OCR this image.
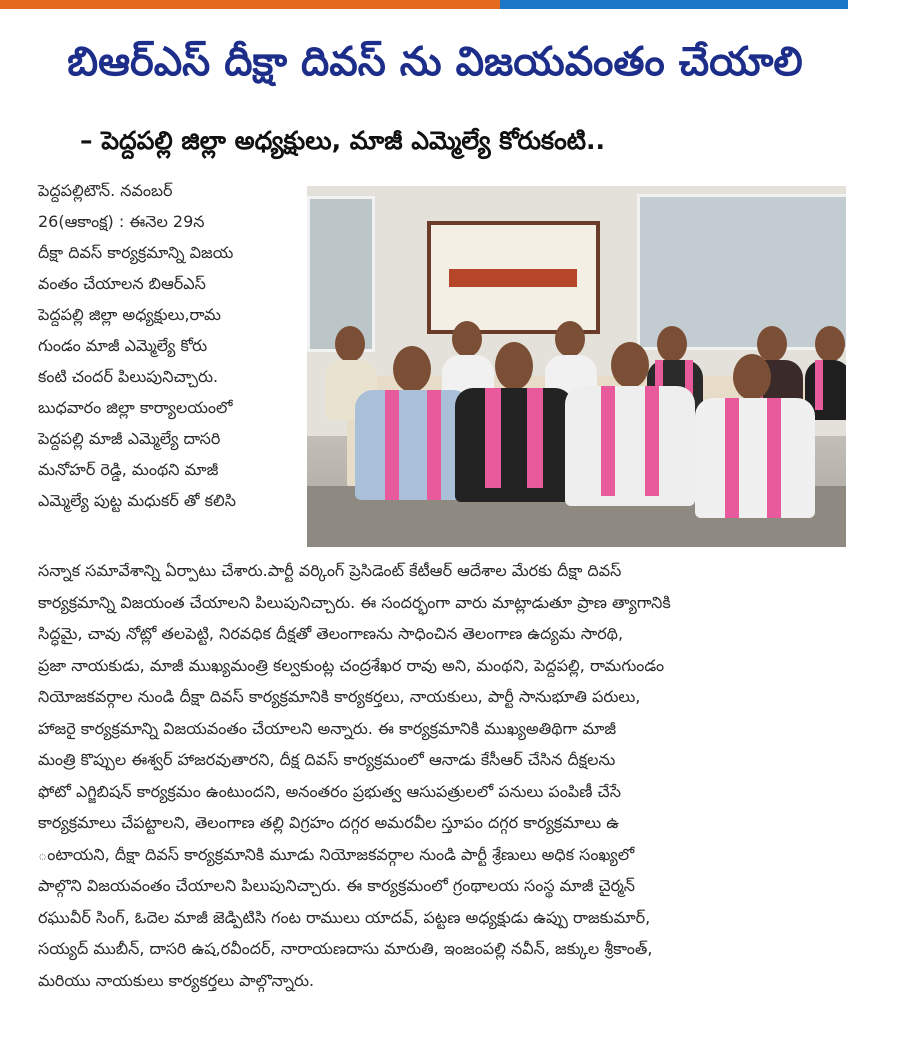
బిఆర్ఎస్ దీక్షా దివస్ ను విజయవంతం చేయాలి
– పెద్దపల్లి జిల్లా అధ్యక్షులు, మాజీ ఎమ్మెల్యే కోరుకంటి..

పెద్దపల్లిటౌన్. నవంబర్

26(ఆకాంక్ష) : ఈనెల 29న

దీక్షా దివస్ కార్యక్రమాన్ని విజయ

వంతం చేయాలన బిఆర్ఎస్

పెద్దపల్లి జిల్లా అధ్యక్షులు,రామ

గుండం మాజీ ఎమ్మెల్యే కోరు

కంటి చందర్ పిలుపునిచ్చారు.

బుధవారం జిల్లా కార్యాలయంలో

పెద్దపల్లి మాజీ ఎమ్మెల్యే దాసరి

మనోహర్ రెడ్డి, మంథని మాజీ

ఎమ్మెల్యే పుట్ట మధుకర్ తో కలిసి

సన్నాక సమావేశాన్ని ఏర్పాటు చేశారు.పార్టీ వర్కింగ్ ప్రెసిడెంట్ కేటీఆర్ ఆదేశాల మేరకు దీక్షా దివస్

కార్యక్రమాన్ని విజయంత చేయాలని పిలుపునిచ్చారు. ఈ సందర్భంగా వారు మాట్లాడుతూ ప్రాణ త్యాగానికి

సిద్ధమై, చావు నోట్లో తలపెట్టి, నిరవధిక దీక్షతో తెలంగాణను సాధించిన తెలంగాణ ఉద్యమ సారథి,

ప్రజా నాయకుడు, మాజీ ముఖ్యమంత్రి కల్వకుంట్ల చంద్రశేఖర రావు అని, మంథని, పెద్దపల్లి, రామగుండం

నియోజకవర్గాల నుండి దీక్షా దివస్ కార్యక్రమానికి కార్యకర్తలు, నాయకులు, పార్టీ సానుభూతి పరులు,

హాజరై కార్యక్రమాన్ని విజయవంతం చేయాలని అన్నారు. ఈ కార్యక్రమానికి ముఖ్యఅతిథిగా మాజీ

మంత్రి కొప్పుల ఈశ్వర్ హాజరవుతారని, దీక్ష దివస్ కార్యక్రమంలో ఆనాడు కేసీఆర్ చేసిన దీక్షలను

ఫోటో ఎగ్జిబిషన్ కార్యక్రమం ఉంటుందని, అనంతరం ప్రభుత్వ ఆసుపత్రులలో పనులు పంపిణీ చేసే

కార్యక్రమాలు చేపట్టాలని, తెలంగాణ తల్లి విగ్రహం దగ్గర అమరవీల స్తూపం దగ్గర కార్యక్రమాలు ఉ

ంటాయని, దీక్షా దివస్ కార్యక్రమానికి మూడు నియోజకవర్గాల నుండి పార్టీ శ్రేణులు అధిక సంఖ్యలో

పాల్గొని విజయవంతం చేయాలని పిలుపునిచ్చారు. ఈ కార్యక్రమంలో గ్రంథాలయ సంస్థ మాజీ చైర్మన్

రఘువీర్ సింగ్, ఓదెల మాజీ జెడ్పిటిసి గంట రాములు యాదవ్, పట్టణ అధ్యక్షుడు ఉప్పు రాజకుమార్,

సయ్యద్ ముబీన్, దాసరి ఉష,రవీందర్, నారాయణదాసు మారుతి, ఇంజంపల్లి నవీన్, జక్కుల శ్రీకాంత్,

మరియు నాయకులు కార్యకర్తలు పాల్గొన్నారు.
